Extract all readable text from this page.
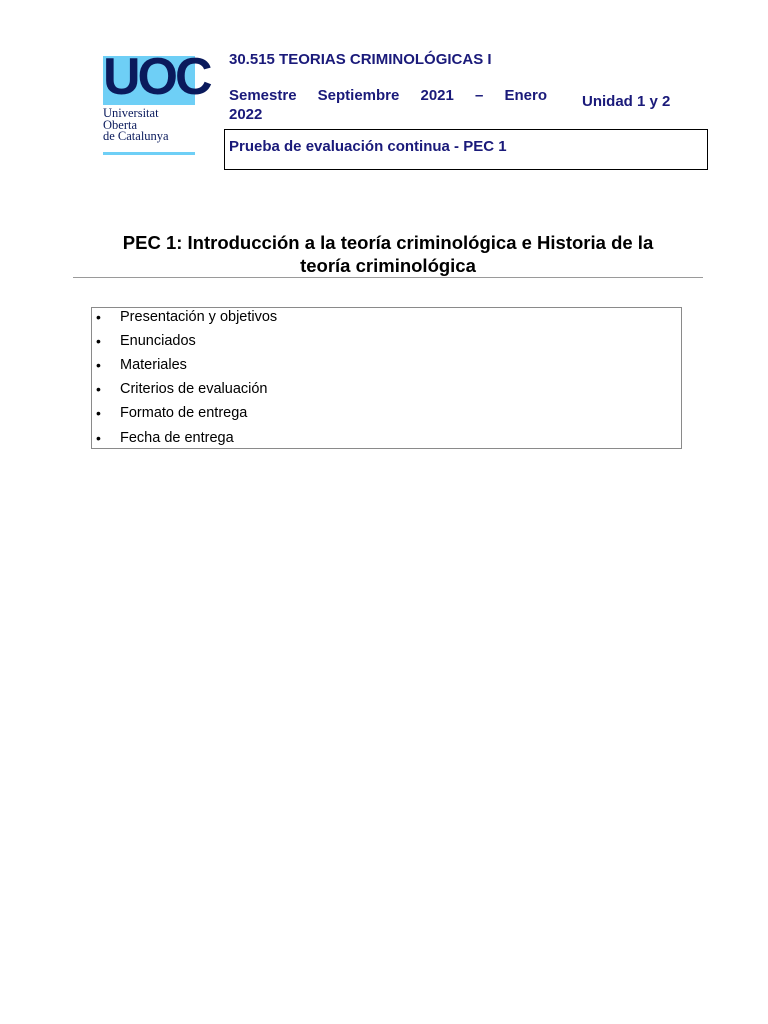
UOC
Universitat
Oberta
de Catalunya
30.515 TEORIAS CRIMINOLÓGICAS I
Semestre Septiembre 2021 – Enero
2022
Unidad 1 y 2
Prueba de evaluación continua - PEC 1
PEC 1: Introducción a la teoría criminológica e Historia de la
teoría criminológica
• Presentación y objetivos
• Enunciados
• Materiales
• Criterios de evaluación
• Formato de entrega
• Fecha de entrega
